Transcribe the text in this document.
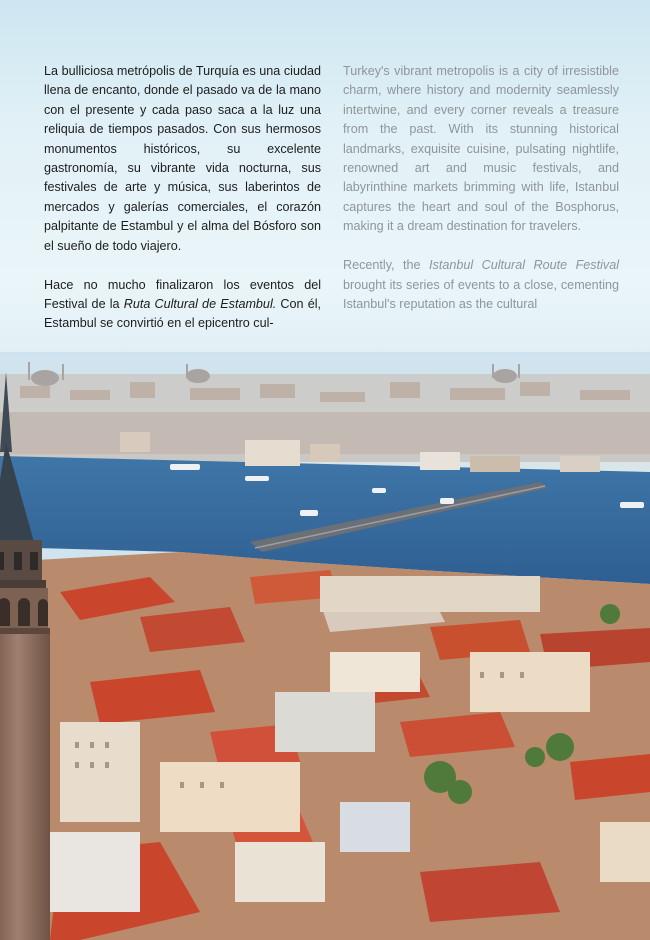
La bulliciosa metrópolis de Turquía es una ciudad llena de encanto, donde el pasado va de la mano con el presente y cada paso saca a la luz una reliquia de tiempos pasados. Con sus hermosos monumentos históricos, su excelente gastronomía, su vibrante vida nocturna, sus festivales de arte y música, sus laberintos de mercados y galerías comerciales, el corazón palpitante de Estambul y el alma del Bósforo son el sueño de todo viajero.

Hace no mucho finalizaron los eventos del Festival de la Ruta Cultural de Estambul. Con él, Estambul se convirtió en el epicentro cul-

Turkey's vibrant metropolis is a city of irresistible charm, where history and modernity seamlessly intertwine, and every corner reveals a treasure from the past. With its stunning historical landmarks, exquisite cuisine, pulsating nightlife, renowned art and music festivals, and labyrinthine markets brimming with life, Istanbul captures the heart and soul of the Bosphorus, making it a dream destination for travelers.

Recently, the Istanbul Cultural Route Festival brought its series of events to a close, cementing Istanbul's reputation as the cultural
